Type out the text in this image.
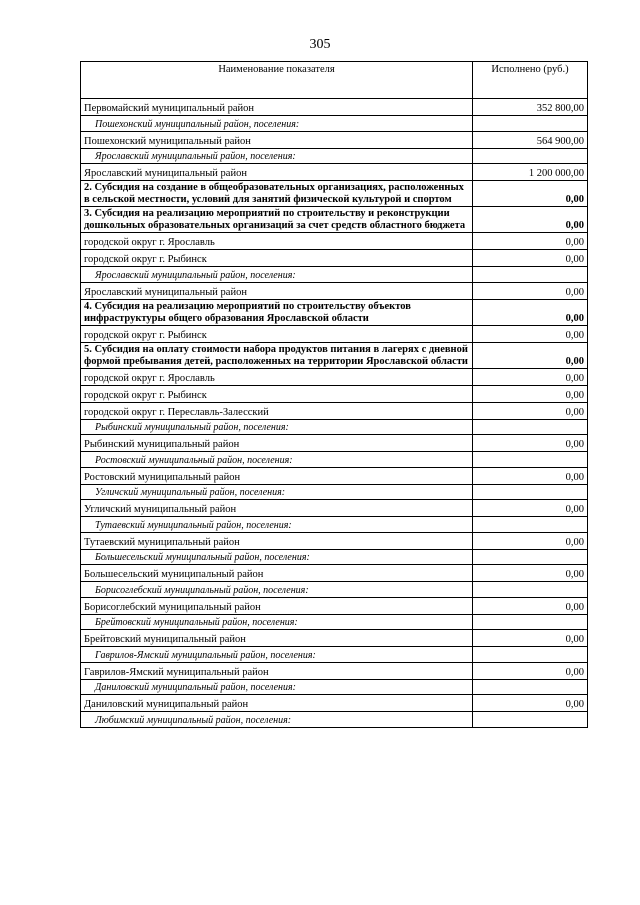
305
Наименование показателя	Исполнено (руб.)
Первомайский муниципальный район	352 800,00
Пошехонский муниципальный район, поселения:	
Пошехонский муниципальный район	564 900,00
Ярославский муниципальный район, поселения:	
Ярославский муниципальный район	1 200 000,00
2. Субсидия на создание в общеобразовательных организациях, расположенных в сельской местности, условий для занятий физической культурой и спортом	0,00
3. Субсидия на реализацию мероприятий по строительству и реконструкции дошкольных образовательных организаций за счет средств областного бюджета	0,00
городской округ г. Ярославль	0,00
городской округ г. Рыбинск	0,00
Ярославский муниципальный район, поселения:	
Ярославский муниципальный район	0,00
4. Субсидия на реализацию мероприятий по строительству объектов инфраструктуры общего образования Ярославской области	0,00
городской округ г. Рыбинск	0,00
5. Субсидия на оплату стоимости набора продуктов питания в лагерях с дневной формой пребывания детей, расположенных на территории Ярославской области	0,00
городской округ г. Ярославль	0,00
городской округ г. Рыбинск	0,00
городской округ г. Переславль-Залесский	0,00
Рыбинский муниципальный район, поселения:	
Рыбинский муниципальный район	0,00
Ростовский муниципальный район, поселения:	
Ростовский муниципальный район	0,00
Угличский муниципальный район, поселения:	
Угличский муниципальный район	0,00
Тутаевский муниципальный район, поселения:	
Тутаевский муниципальный район	0,00
Большесельский муниципальный район, поселения:	
Большесельский муниципальный район	0,00
Борисоглебский муниципальный район, поселения:	
Борисоглебский муниципальный район	0,00
Брейтовский муниципальный район, поселения:	
Брейтовский муниципальный район	0,00
Гаврилов-Ямский муниципальный район, поселения:	
Гаврилов-Ямский муниципальный район	0,00
Даниловский муниципальный район, поселения:	
Даниловский муниципальный район	0,00
Любимский муниципальный район, поселения:	
